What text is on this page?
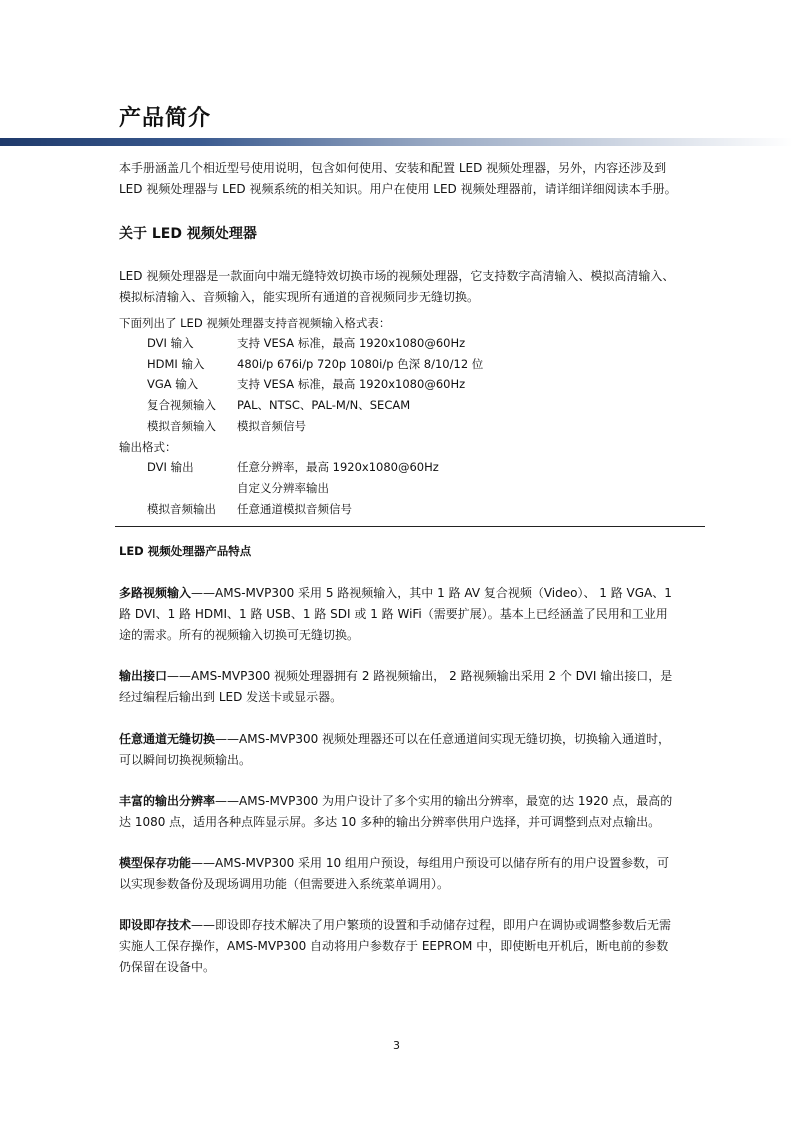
产品简介
本手册涵盖几个相近型号使用说明，包含如何使用、安装和配置 LED 视频处理器，另外，内容还涉及到 LED 视频处理器与 LED 视频系统的相关知识。用户在使用 LED 视频处理器前，请详细详细阅读本手册。
关于 LED 视频处理器
LED 视频处理器是一款面向中端无缝特效切换市场的视频处理器，它支持数字高清输入、模拟高清输入、模拟标清输入、音频输入，能实现所有通道的音视频同步无缝切换。
下面列出了 LED 视频处理器支持音视频输入格式表：
DVI 输入	支持 VESA 标准，最高 1920x1080@60Hz
HDMI 输入	480i/p 676i/p 720p 1080i/p 色深 8/10/12 位
VGA 输入	支持 VESA 标准，最高 1920x1080@60Hz
复合视频输入 PAL、NTSC、PAL-M/N、SECAM
模拟音频输入 模拟音频信号
输出格式：
DVI 输出	任意分辨率，最高 1920x1080@60Hz
自定义分辨率输出
模拟音频输出 任意通道模拟音频信号
LED 视频处理器产品特点
多路视频输入——AMS-MVP300 采用 5 路视频输入，其中 1 路 AV 复合视频（Video）、 1 路 VGA、1 路 DVI、1 路 HDMI、1 路 USB、1 路 SDI 或 1 路 WiFi（需要扩展）。基本上已经涵盖了民用和工业用途的需求。所有的视频输入切换可无缝切换。
输出接口——AMS-MVP300 视频处理器拥有 2 路视频输出， 2 路视频输出采用 2 个 DVI 输出接口，是经过编程后输出到 LED 发送卡或显示器。
任意通道无缝切换——AMS-MVP300 视频处理器还可以在任意通道间实现无缝切换，切换输入通道时，可以瞬间切换视频输出。
丰富的输出分辨率——AMS-MVP300 为用户设计了多个实用的输出分辨率，最宽的达 1920 点，最高的达 1080 点，适用各种点阵显示屏。多达 10 多种的输出分辨率供用户选择，并可调整到点对点输出。
模型保存功能——AMS-MVP300 采用 10 组用户预设，每组用户预设可以储存所有的用户设置参数，可以实现参数备份及现场调用功能（但需要进入系统菜单调用）。
即设即存技术——即设即存技术解决了用户繁琐的设置和手动储存过程，即用户在调协或调整参数后无需实施人工保存操作，AMS-MVP300 自动将用户参数存于 EEPROM 中，即使断电开机后，断电前的参数仍保留在设备中。
3
